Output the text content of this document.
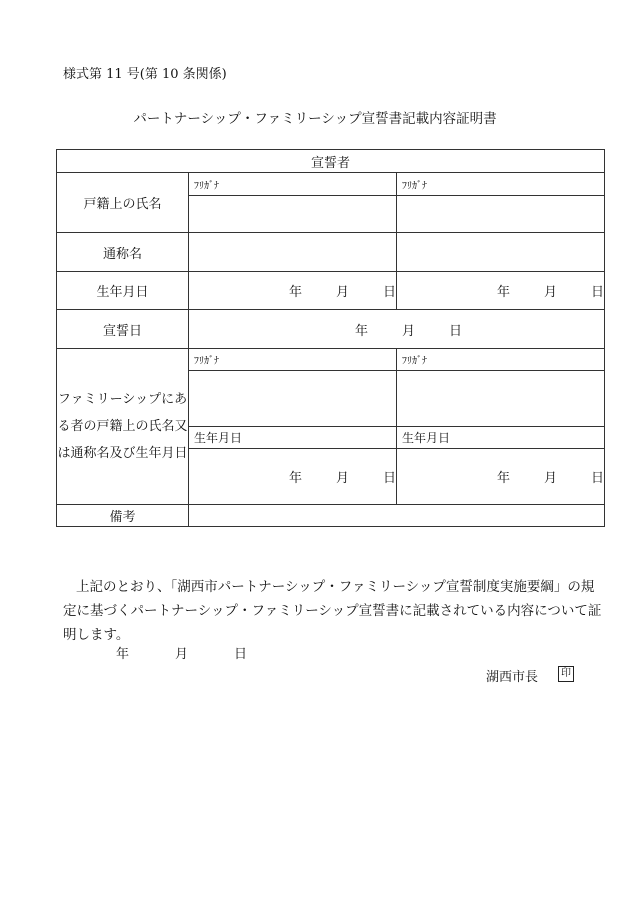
様式第 11 号(第 10 条関係)
パートナーシップ・ファミリーシップ宣誓書記載内容証明書
宣誓者		
戸籍上の氏名	ﾌﾘｶﾞﾅ	ﾌﾘｶﾞﾅ

通称名		
生年月日	年 月 日	年 月 日
宣誓日	年 月 日	
ファミリーシップにある者の戸籍上の氏名又は通称名及び生年月日	ﾌﾘｶﾞﾅ	ﾌﾘｶﾞﾅ

	生年月日	生年月日
	年 月 日	年 月 日
備考		
上記のとおり、「湖西市パートナーシップ・ファミリーシップ宣誓制度実施要綱」の規定に基づくパートナーシップ・ファミリーシップ宣誓書に記載されている内容について証明します。
年	月	日
湖西市長	印
